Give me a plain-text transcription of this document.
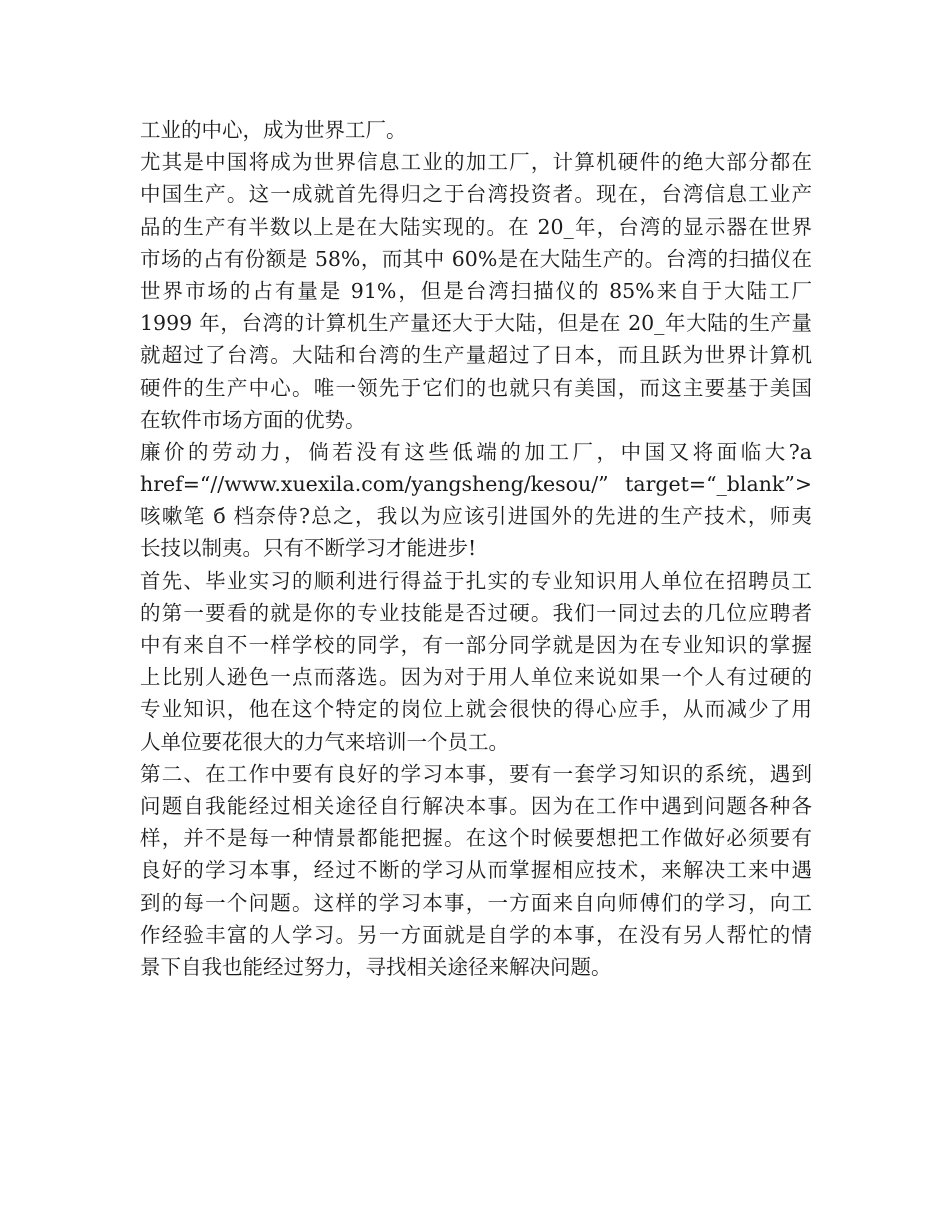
工业的中心，成为世界工厂。
尤其是中国将成为世界信息工业的加工厂，计算机硬件的绝大部分都在
中国生产。这一成就首先得归之于台湾投资者。现在，台湾信息工业产
品的生产有半数以上是在大陆实现的。在 20_年，台湾的显示器在世界
市场的占有份额是 58%，而其中 60%是在大陆生产的。台湾的扫描仪在
世界市场的占有量是 91%，但是台湾扫描仪的 85%来自于大陆工厂
1999 年，台湾的计算机生产量还大于大陆，但是在 20_年大陆的生产量
就超过了台湾。大陆和台湾的生产量超过了日本，而且跃为世界计算机
硬件的生产中心。唯一领先于它们的也就只有美国，而这主要基于美国
在软件市场方面的优势。
廉价的劳动力，倘若没有这些低端的加工厂，中国又将面临大?a
href=“//www.xuexila.com/yangsheng/kesou/” target=“_blank”>
咳嗽笔 б 档奈侍?总之，我以为应该引进国外的先进的生产技术，师夷
长技以制夷。只有不断学习才能进步!
首先、毕业实习的顺利进行得益于扎实的专业知识用人单位在招聘员工
的第一要看的就是你的专业技能是否过硬。我们一同过去的几位应聘者
中有来自不一样学校的同学，有一部分同学就是因为在专业知识的掌握
上比别人逊色一点而落选。因为对于用人单位来说如果一个人有过硬的
专业知识，他在这个特定的岗位上就会很快的得心应手，从而减少了用
人单位要花很大的力气来培训一个员工。
第二、在工作中要有良好的学习本事，要有一套学习知识的系统，遇到
问题自我能经过相关途径自行解决本事。因为在工作中遇到问题各种各
样，并不是每一种情景都能把握。在这个时候要想把工作做好必须要有
良好的学习本事，经过不断的学习从而掌握相应技术，来解决工来中遇
到的每一个问题。这样的学习本事，一方面来自向师傅们的学习，向工
作经验丰富的人学习。另一方面就是自学的本事，在没有另人帮忙的情
景下自我也能经过努力，寻找相关途径来解决问题。
